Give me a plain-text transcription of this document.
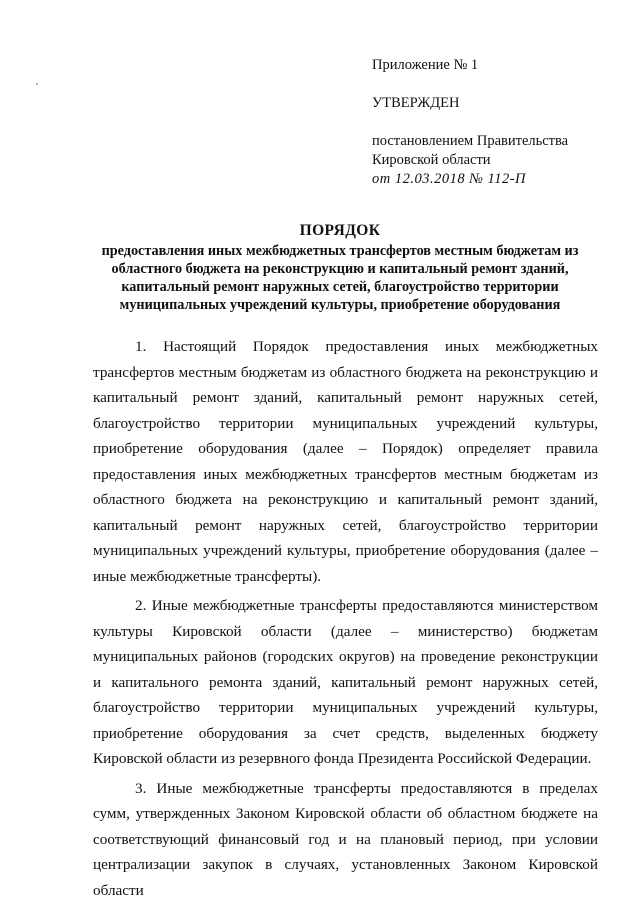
Приложение № 1

УТВЕРЖДЕН

постановлением Правительства

Кировской области

от 12.03.2018 № 112-П

ПОРЯДОК

предоставления иных межбюджетных трансфертов местным бюджетам из

областного бюджета на реконструкцию и капитальный ремонт зданий,

капитальный ремонт наружных сетей, благоустройство территории

муниципальных учреждений культуры, приобретение оборудования

1. Настоящий Порядок предоставления иных межбюджетных трансфертов местным бюджетам из областного бюджета на реконструкцию и капитальный ремонт зданий, капитальный ремонт наружных сетей, благоустройство территории муниципальных учреждений культуры, приобретение оборудования (далее – Порядок) определяет правила предоставления иных межбюджетных трансфертов местным бюджетам из областного бюджета на реконструкцию и капитальный ремонт зданий, капитальный ремонт наружных сетей, благоустройство территории муниципальных учреждений культуры, приобретение оборудования (далее – иные межбюджетные трансферты).

2. Иные межбюджетные трансферты предоставляются министерством культуры Кировской области (далее – министерство) бюджетам муниципальных районов (городских округов) на проведение реконструкции и капитального ремонта зданий, капитальный ремонт наружных сетей, благоустройство территории муниципальных учреждений культуры, приобретение оборудования за счет средств, выделенных бюджету Кировской области из резервного фонда Президента Российской Федерации.

3. Иные межбюджетные трансферты предоставляются в пределах сумм, утвержденных Законом Кировской области об областном бюджете на соответствующий финансовый год и на плановый период, при условии централизации закупок в случаях, установленных Законом Кировской области
